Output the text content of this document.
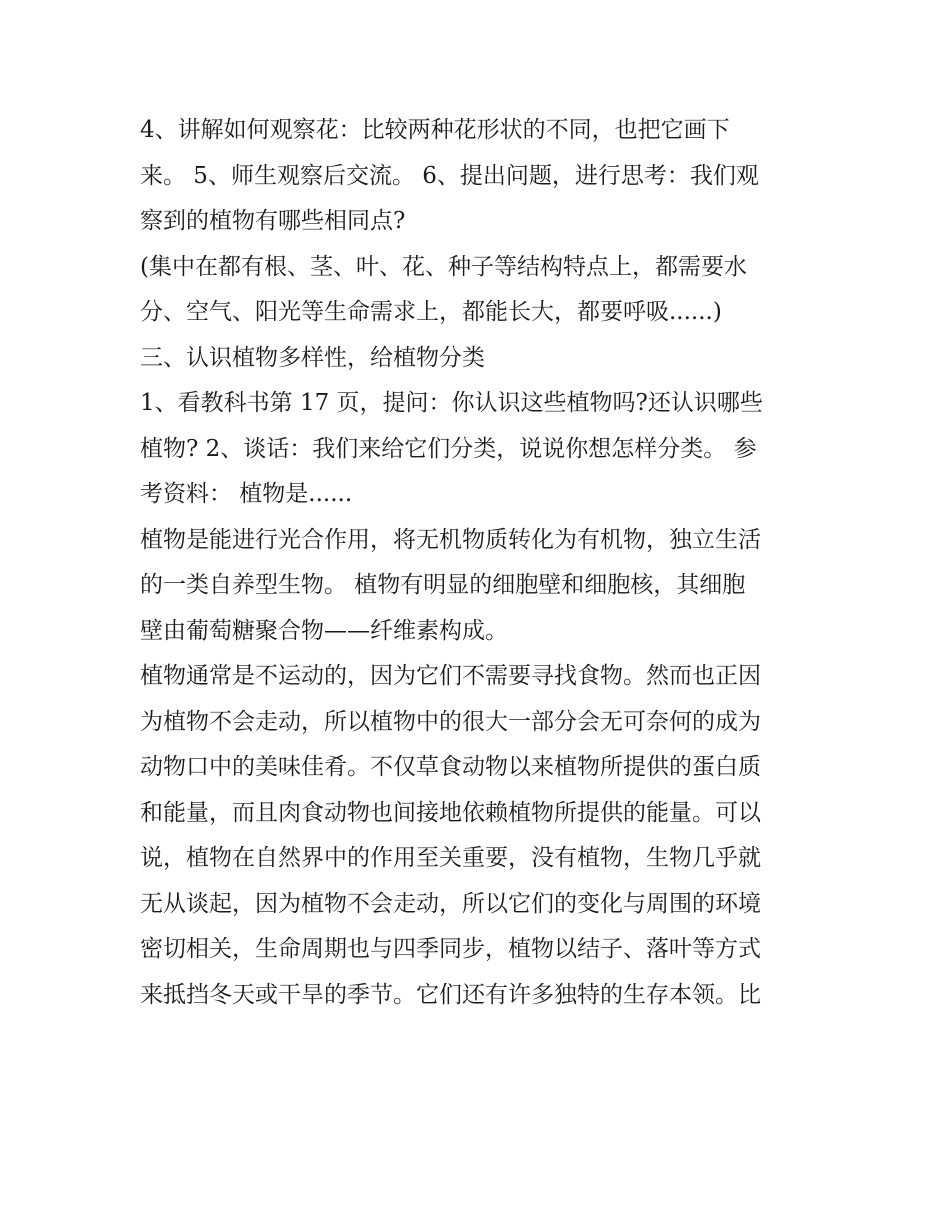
4、讲解如何观察花：比较两种花形状的不同，也把它画下
来。 5、师生观察后交流。 6、提出问题，进行思考：我们观
察到的植物有哪些相同点?
(集中在都有根、茎、叶、花、种子等结构特点上，都需要水
分、空气、阳光等生命需求上，都能长大，都要呼吸......)
三、认识植物多样性，给植物分类
1、看教科书第 17 页，提问：你认识这些植物吗?还认识哪些
植物? 2、谈话：我们来给它们分类，说说你想怎样分类。 参
考资料： 植物是......
植物是能进行光合作用，将无机物质转化为有机物，独立生活
的一类自养型生物。 植物有明显的细胞壁和细胞核，其细胞
壁由葡萄糖聚合物——纤维素构成。
植物通常是不运动的，因为它们不需要寻找食物。然而也正因
为植物不会走动，所以植物中的很大一部分会无可奈何的成为
动物口中的美味佳肴。不仅草食动物以来植物所提供的蛋白质
和能量，而且肉食动物也间接地依赖植物所提供的能量。可以
说，植物在自然界中的作用至关重要，没有植物，生物几乎就
无从谈起，因为植物不会走动，所以它们的变化与周围的环境
密切相关，生命周期也与四季同步，植物以结子、落叶等方式
来抵挡冬天或干旱的季节。它们还有许多独特的生存本领。比
